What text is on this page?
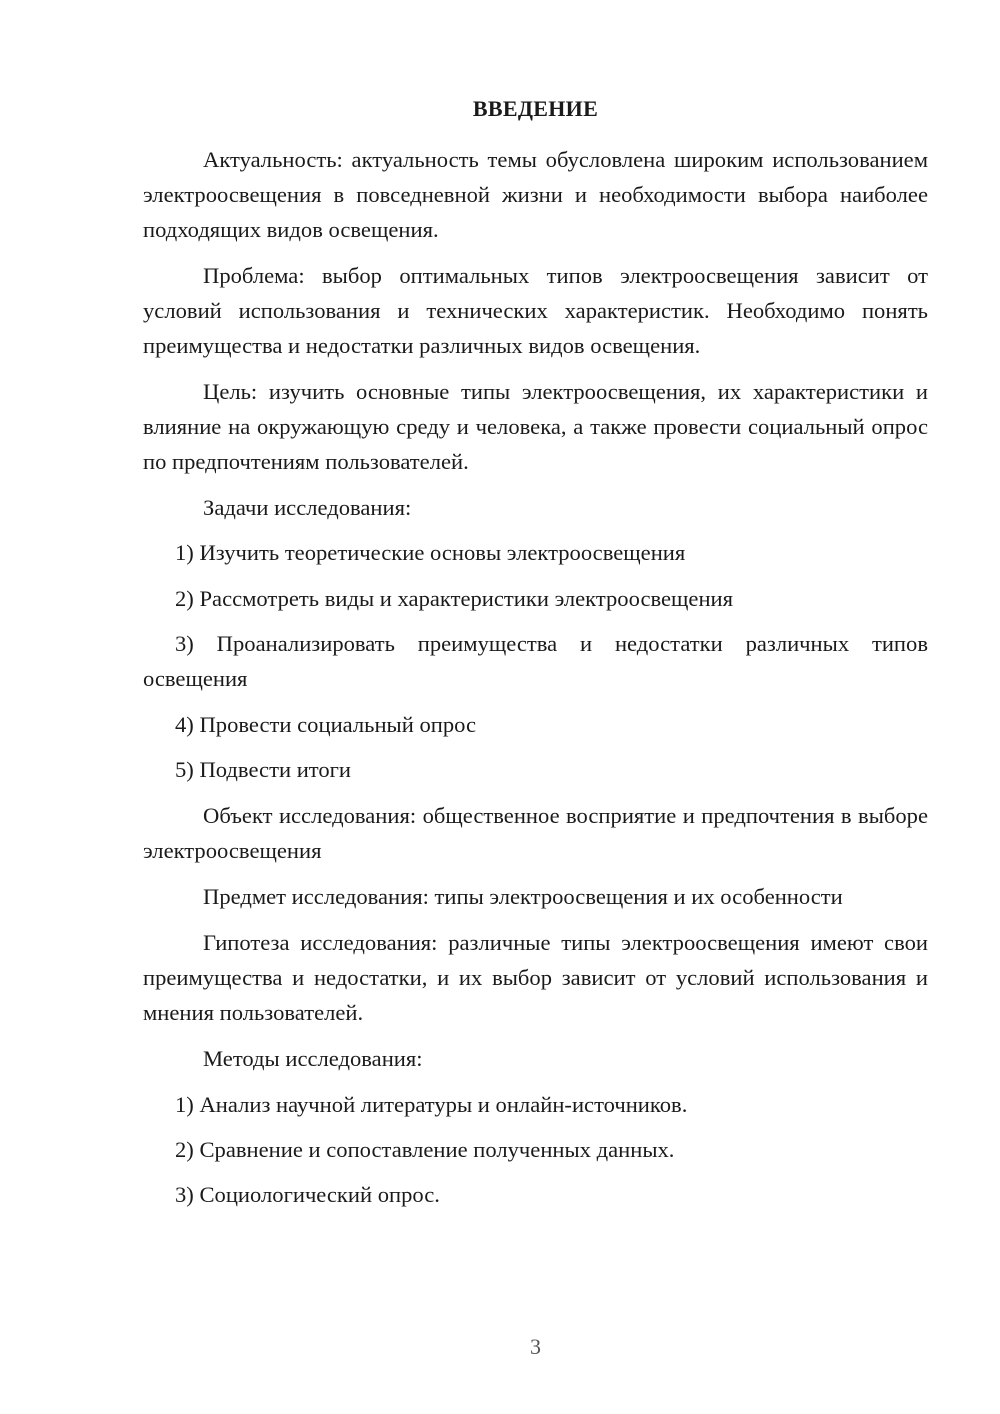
ВВЕДЕНИЕ

Актуальность: актуальность темы обусловлена широким использованием электроосвещения в повседневной жизни и необходимости выбора наиболее подходящих видов освещения.

Проблема: выбор оптимальных типов электроосвещения зависит от условий использования и технических характеристик. Необходимо понять преимущества и недостатки различных видов освещения.

Цель: изучить основные типы электроосвещения, их характеристики и влияние на окружающую среду и человека, а также провести социальный опрос по предпочтениям пользователей.

Задачи исследования:

1) Изучить теоретические основы электроосвещения

2) Рассмотреть виды и характеристики электроосвещения

3) Проанализировать преимущества и недостатки различных типов освещения

4) Провести социальный опрос

5) Подвести итоги

Объект исследования: общественное восприятие и предпочтения в выборе электроосвещения

Предмет исследования: типы электроосвещения и их особенности

Гипотеза исследования: различные типы электроосвещения имеют свои преимущества и недостатки, и их выбор зависит от условий использования и мнения пользователей.

Методы исследования:

1) Анализ научной литературы и онлайн-источников.

2) Сравнение и сопоставление полученных данных.

3) Социологический опрос.

3
